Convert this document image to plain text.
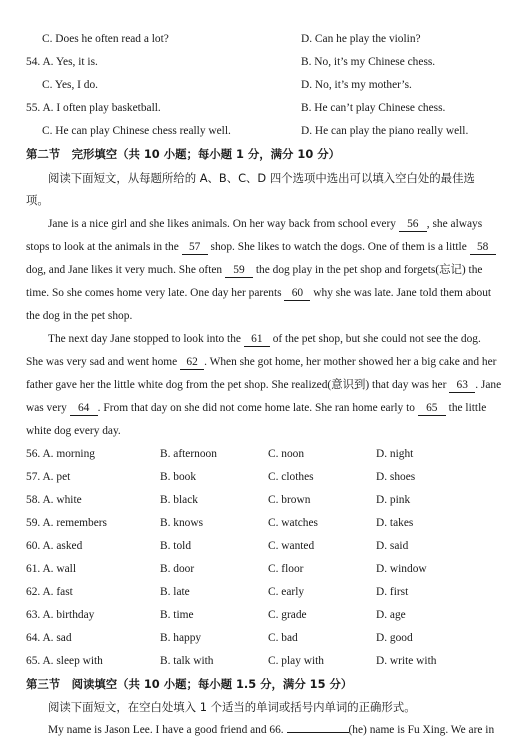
C. Does he often read a lot?	D. Can he play the violin?
54. A. Yes, it is.	B. No, it’s my Chinese chess.
C. Yes, I do.	D. No, it’s my mother’s.
55. A. I often play basketball.	B. He can’t play Chinese chess.
C. He can play Chinese chess really well.	D. He can play the piano really well.
第二节　完形填空（共 10 小题；每小题 1 分，满分 10 分）
阅读下面短文，从每题所给的 A、B、C、D 四个选项中选出可以填入空白处的最佳选
项。
Jane is a nice girl and she likes animals. On her way back from school every 56 , she always
stops to look at the animals in the 57 shop. She likes to watch the dogs. One of them is a little 58
dog, and Jane likes it very much. She often 59 the dog play in the pet shop and forgets(忘记) the
time. So she comes home very late. One day her parents 60 why she was late. Jane told them about
the dog in the pet shop.
The next day Jane stopped to look into the 61 of the pet shop, but she could not see the dog.
She was very sad and went home 62 . When she got home, her mother showed her a big cake and her
father gave her the little white dog from the pet shop. She realized(意识到) that day was her 63 . Jane
was very 64 . From that day on she did not come home late. She ran home early to 65 the little
white dog every day.
56. A. morning	B. afternoon	C. noon	D. night
57. A. pet	B. book	C. clothes	D. shoes
58. A. white	B. black	C. brown	D. pink
59. A. remembers	B. knows	C. watches	D. takes
60. A. asked	B. told	C. wanted	D. said
61. A. wall	B. door	C. floor	D. window
62. A. fast	B. late	C. early	D. first
63. A. birthday	B. time	C. grade	D. age
64. A. sad	B. happy	C. bad	D. good
65. A. sleep with	B. talk with	C. play with	D. write with
第三节　阅读填空（共 10 小题；每小题 1.5 分，满分 15 分）
阅读下面短文，在空白处填入 1 个适当的单词或括号内单词的正确形式。
My name is Jason Lee. I have a good friend and 66.	(he) name is Fu Xing. We are in
